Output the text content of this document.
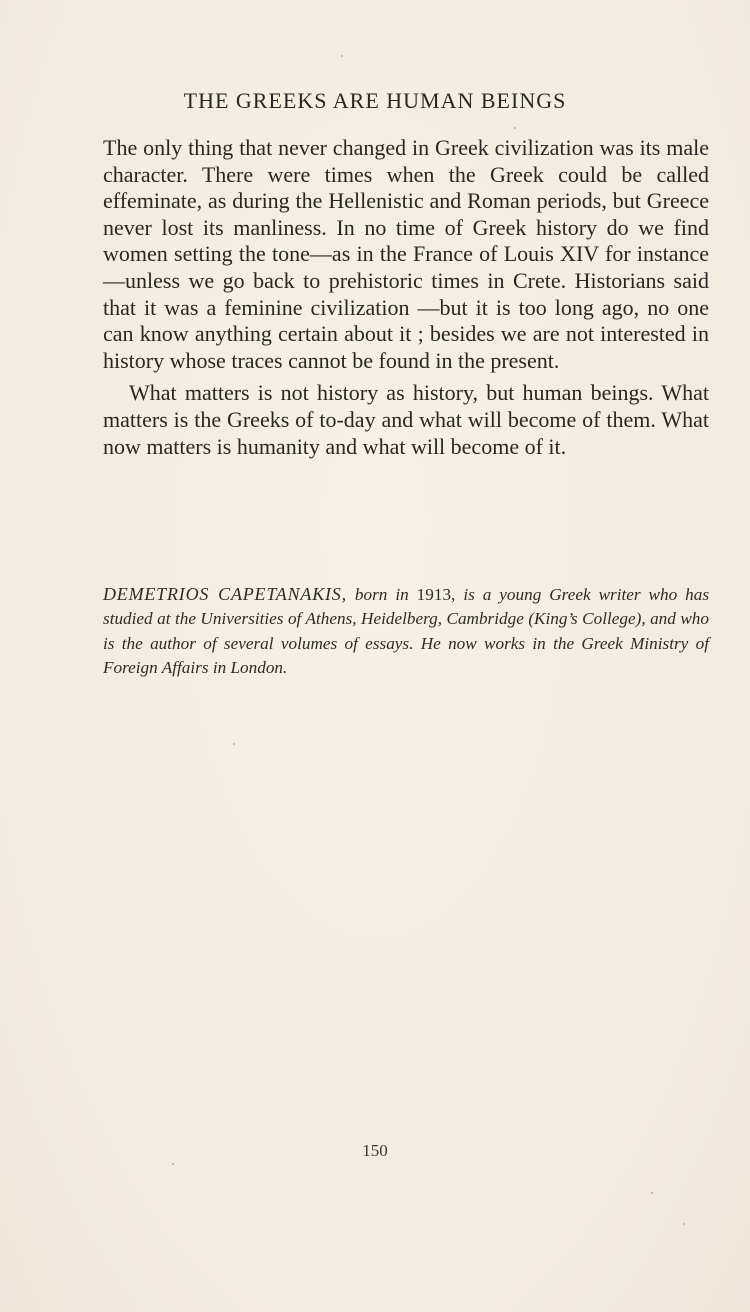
THE GREEKS ARE HUMAN BEINGS

The only thing that never changed in Greek civilization was its male character. There were times when the Greek could be called effeminate, as during the Hellenistic and Roman periods, but Greece never lost its manliness. In no time of Greek history do we find women setting the tone—as in the France of Louis XIV for instance—unless we go back to prehistoric times in Crete. Historians said that it was a feminine civilization —but it is too long ago, no one can know anything certain about it ; besides we are not interested in history whose traces cannot be found in the present.

What matters is not history as history, but human beings. What matters is the Greeks of to-day and what will become of them. What now matters is humanity and what will become of it.

DEMETRIOS CAPETANAKIS, born in 1913, is a young Greek writer who has studied at the Universities of Athens, Heidelberg, Cambridge (King’s College), and who is the author of several volumes of essays. He now works in the Greek Ministry of Foreign Affairs in London.
150
